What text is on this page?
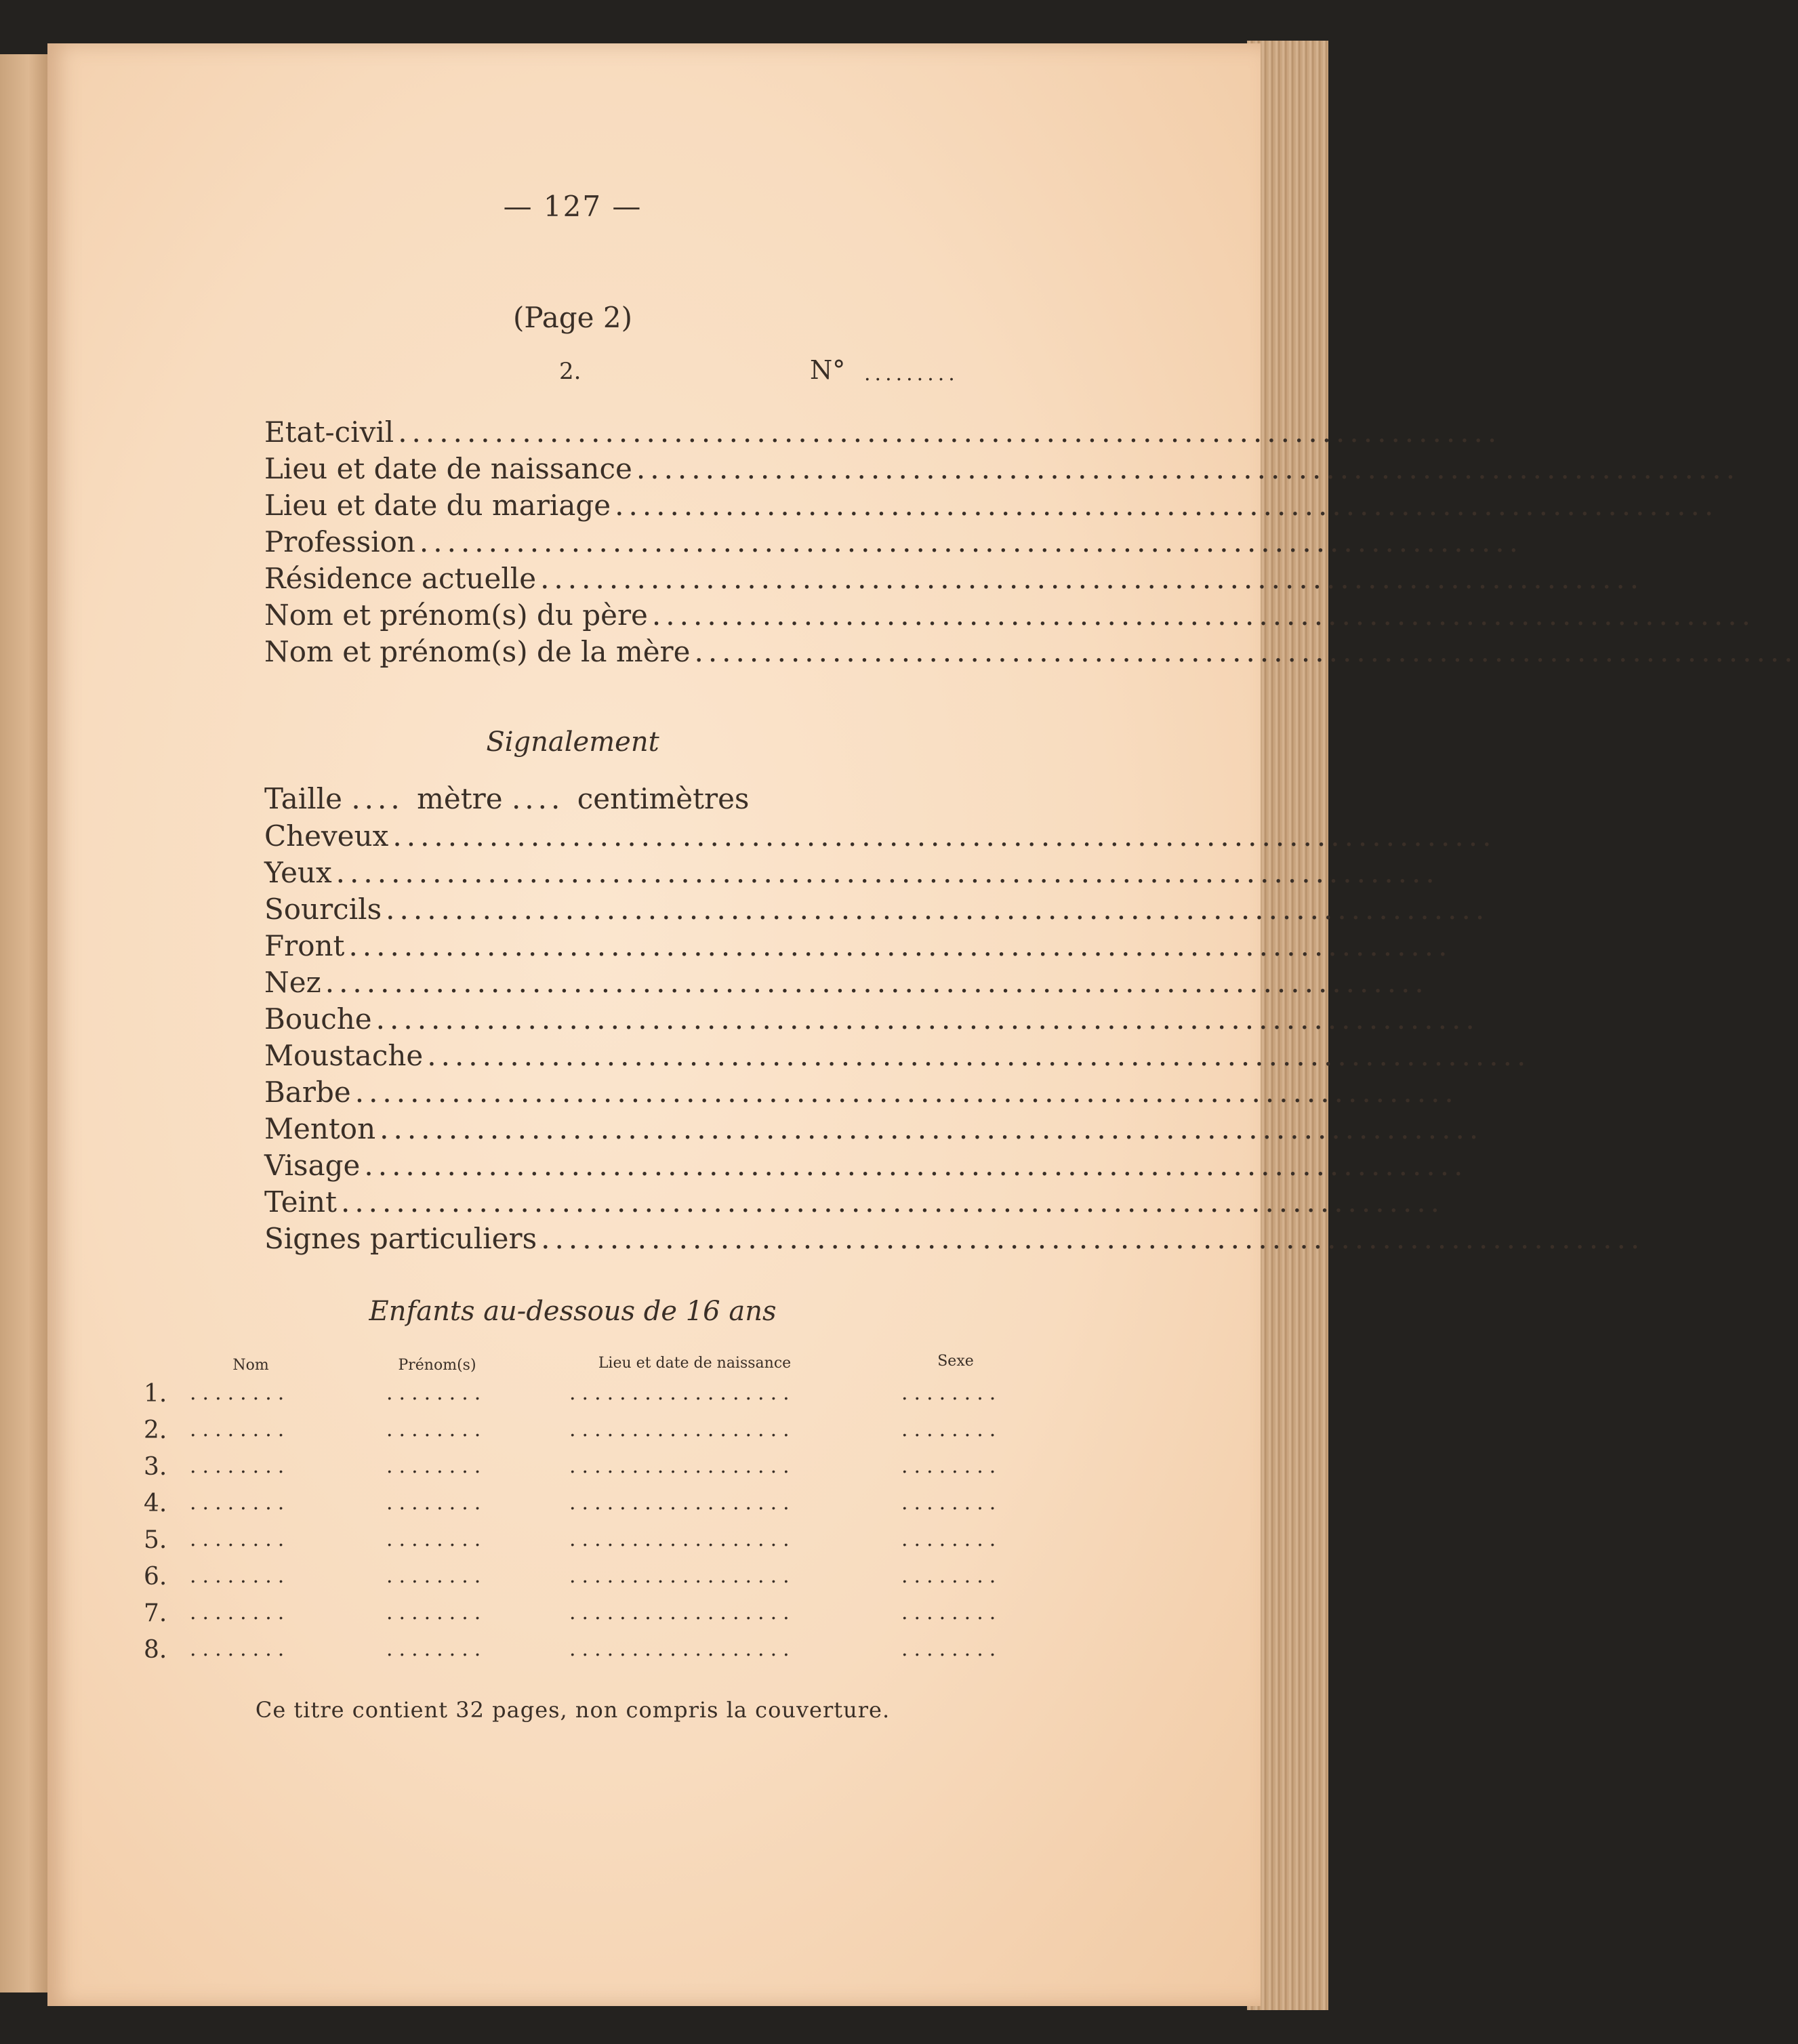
— 127 —
(Page 2)
2.	N° .........
Etat-civil ................................................................................
Lieu et date de naissance ................................................................................
Lieu et date du mariage ................................................................................
Profession ................................................................................
Résidence actuelle ................................................................................
Nom et prénom(s) du père ................................................................................
Nom et prénom(s) de la mère ................................................................................
Signalement
Taille .... mètre .... centimètres
Cheveux ................................................................................
Yeux ................................................................................
Sourcils ................................................................................
Front ................................................................................
Nez ................................................................................
Bouche ................................................................................
Moustache ................................................................................
Barbe ................................................................................
Menton ................................................................................
Visage ................................................................................
Teint ................................................................................
Signes particuliers ................................................................................
Enfants au-dessous de 16 ans
Nom	Prénom(s)	Lieu et date de naissance	Sexe
1. ........	........	..................	........
2. ........	........	..................	........
3. ........	........	..................	........
4. ........	........	..................	........
5. ........	........	..................	........
6. ........	........	..................	........
7. ........	........	..................	........
8. ........	........	..................	........
Ce titre contient 32 pages, non compris la couverture.
